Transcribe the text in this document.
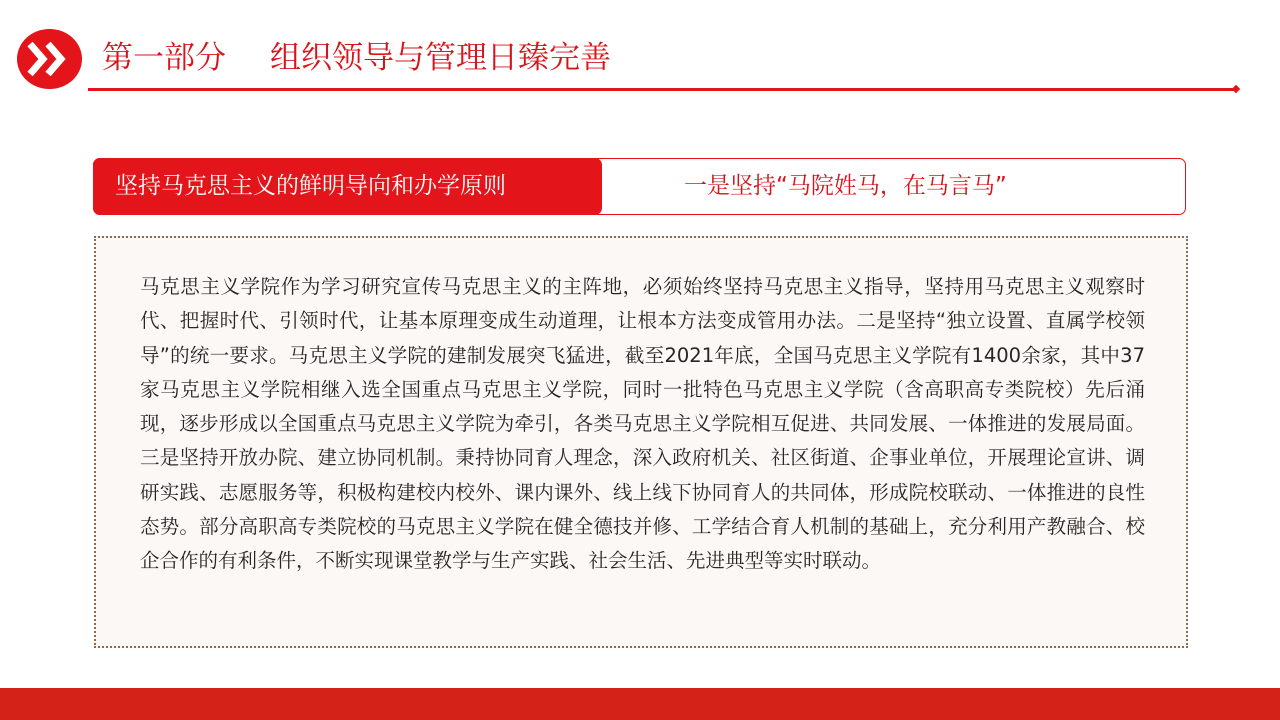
第一部分 组织领导与管理日臻完善
坚持马克思主义的鲜明导向和办学原则	一是坚持“马院姓马，在马言马”

马克思主义学院作为学习研究宣传马克思主义的主阵地，必须始终坚持马克思主义指导，坚持用马克思主义观察时代、把握时代、引领时代，让基本原理变成生动道理，让根本方法变成管用办法。二是坚持“独立设置、直属学校领导”的统一要求。马克思主义学院的建制发展突飞猛进，截至2021年底，全国马克思主义学院有1400余家，其中37家马克思主义学院相继入选全国重点马克思主义学院，同时一批特色马克思主义学院（含高职高专类院校）先后涌现，逐步形成以全国重点马克思主义学院为牵引，各类马克思主义学院相互促进、共同发展、一体推进的发展局面。三是坚持开放办院、建立协同机制。秉持协同育人理念，深入政府机关、社区街道、企事业单位，开展理论宣讲、调研实践、志愿服务等，积极构建校内校外、课内课外、线上线下协同育人的共同体，形成院校联动、一体推进的良性态势。部分高职高专类院校的马克思主义学院在健全德技并修、工学结合育人机制的基础上，充分利用产教融合、校企合作的有利条件，不断实现课堂教学与生产实践、社会生活、先进典型等实时联动。
